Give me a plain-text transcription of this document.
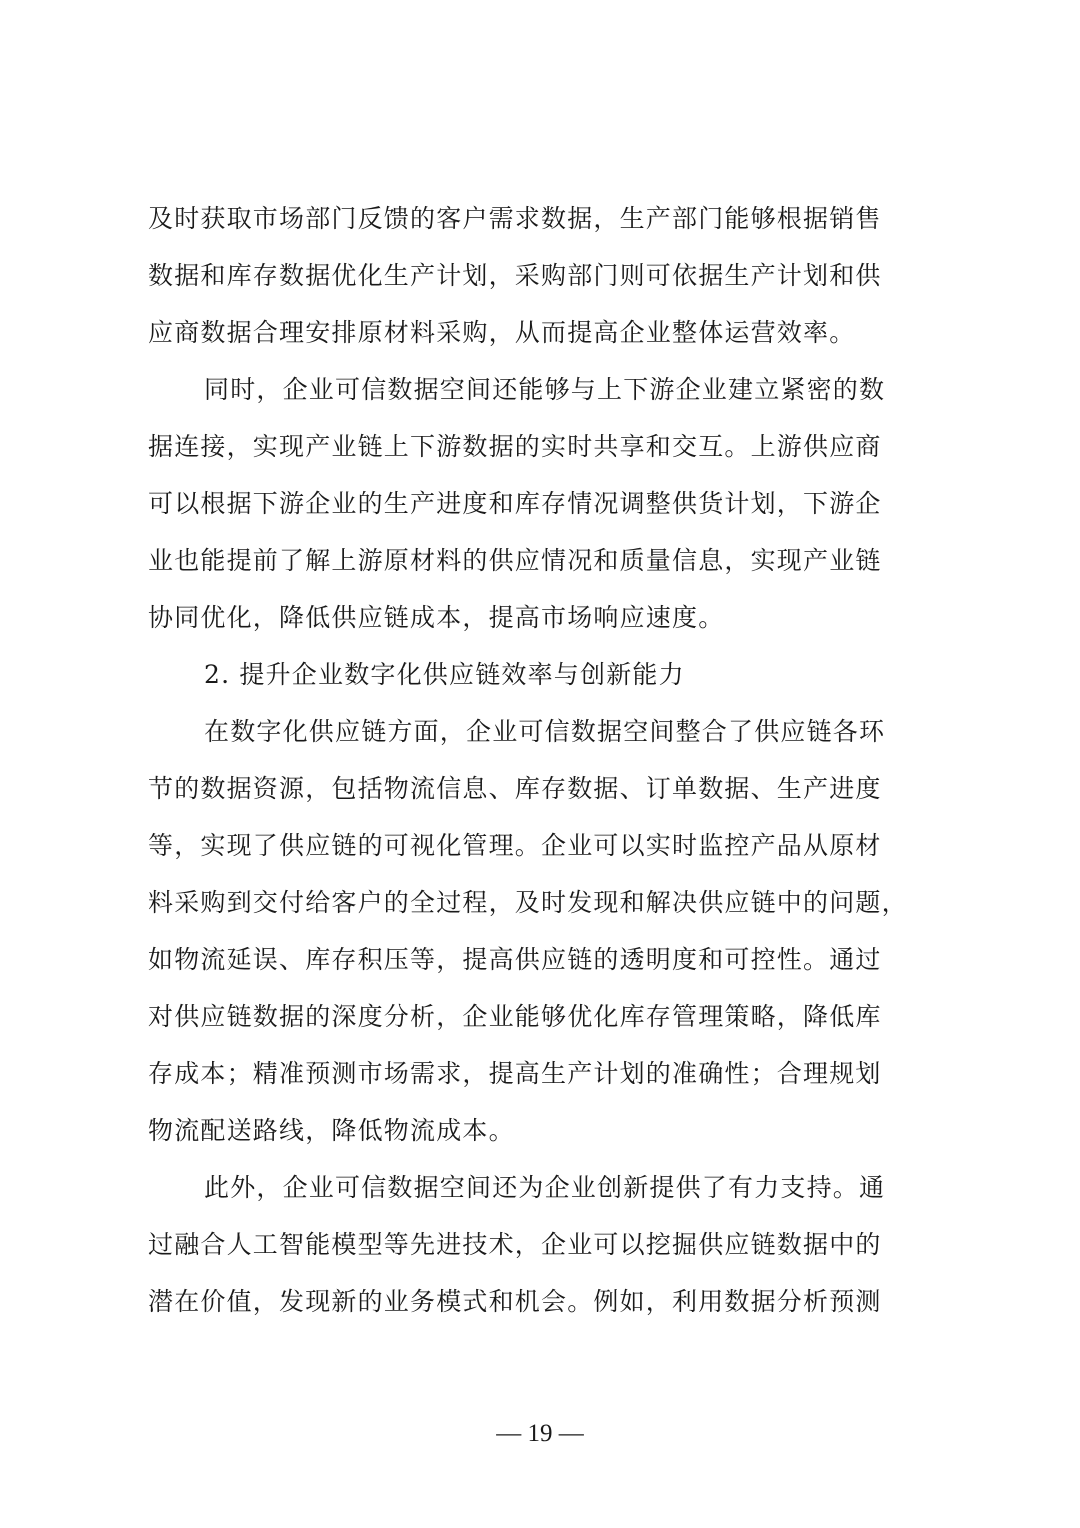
及时获取市场部门反馈的客户需求数据，生产部门能够根据销售
数据和库存数据优化生产计划，采购部门则可依据生产计划和供
应商数据合理安排原材料采购，从而提高企业整体运营效率。
同时，企业可信数据空间还能够与上下游企业建立紧密的数
据连接，实现产业链上下游数据的实时共享和交互。上游供应商
可以根据下游企业的生产进度和库存情况调整供货计划，下游企
业也能提前了解上游原材料的供应情况和质量信息，实现产业链
协同优化，降低供应链成本，提高市场响应速度。
2. 提升企业数字化供应链效率与创新能力
在数字化供应链方面，企业可信数据空间整合了供应链各环
节的数据资源，包括物流信息、库存数据、订单数据、生产进度
等，实现了供应链的可视化管理。企业可以实时监控产品从原材
料采购到交付给客户的全过程，及时发现和解决供应链中的问题，
如物流延误、库存积压等，提高供应链的透明度和可控性。通过
对供应链数据的深度分析，企业能够优化库存管理策略，降低库
存成本；精准预测市场需求，提高生产计划的准确性；合理规划
物流配送路线，降低物流成本。
此外，企业可信数据空间还为企业创新提供了有力支持。通
过融合人工智能模型等先进技术，企业可以挖掘供应链数据中的
潜在价值，发现新的业务模式和机会。例如，利用数据分析预测
— 19 —
